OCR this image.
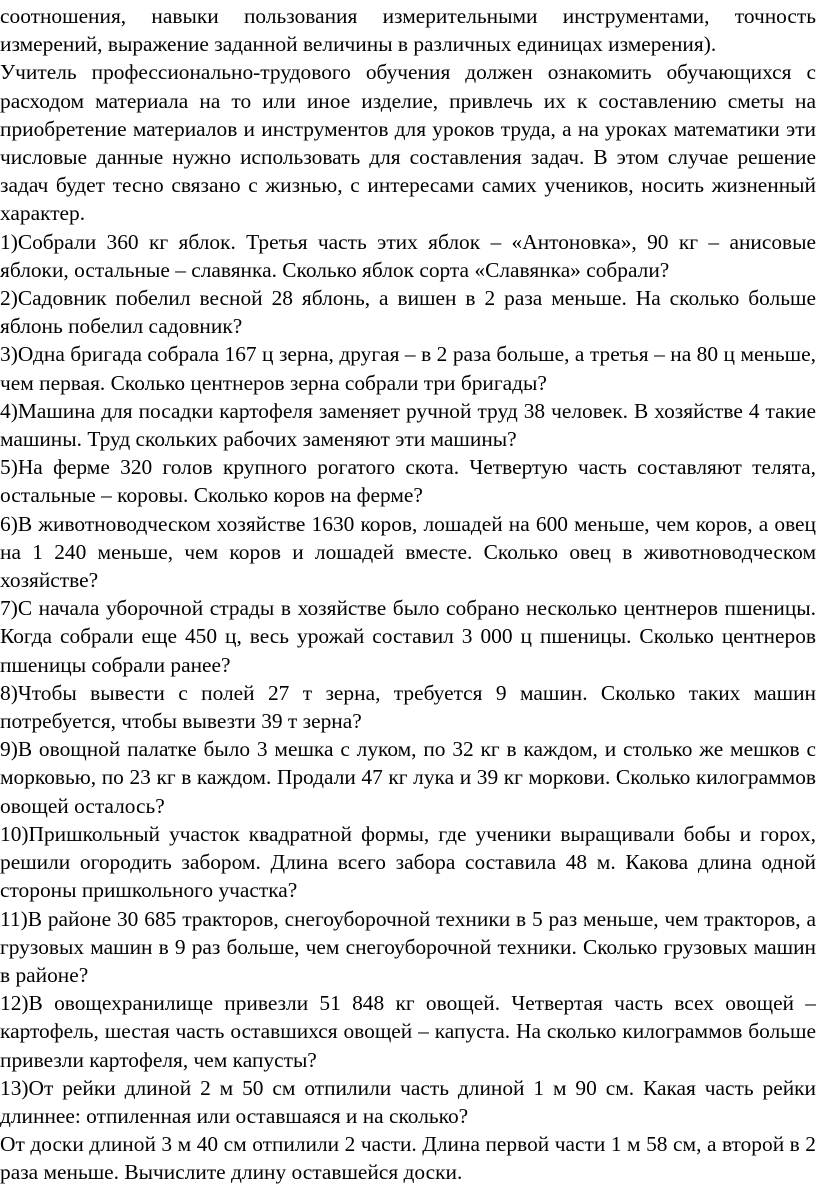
соотношения, навыки пользования измерительными инструментами, точность измерений, выражение заданной величины в различных единицах измерения).

Учитель профессионально-трудового обучения должен ознакомить обучающихся с расходом материала на то или иное изделие, привлечь их к составлению сметы на приобретение материалов и инструментов для уроков труда, а на уроках математики эти числовые данные нужно использовать для составления задач. В этом случае решение задач будет тесно связано с жизнью, с интересами самих учеников, носить жизненный характер.

1)Собрали 360 кг яблок. Третья часть этих яблок – «Антоновка», 90 кг – анисовые яблоки, остальные – славянка. Сколько яблок сорта «Славянка» собрали?

2)Садовник побелил весной 28 яблонь, а вишен в 2 раза меньше. На сколько больше яблонь побелил садовник?

3)Одна бригада собрала 167 ц зерна, другая – в 2 раза больше, а третья – на 80 ц меньше, чем первая. Сколько центнеров зерна собрали три бригады?

4)Машина для посадки картофеля заменяет ручной труд 38 человек. В хозяйстве 4 такие машины. Труд скольких рабочих заменяют эти машины?

5)На ферме 320 голов крупного рогатого скота. Четвертую часть составляют телята, остальные – коровы. Сколько коров на ферме?

6)В животноводческом хозяйстве 1630 коров, лошадей на 600 меньше, чем коров, а овец на 1 240 меньше, чем коров и лошадей вместе. Сколько овец в животноводческом хозяйстве?

7)С начала уборочной страды в хозяйстве было собрано несколько центнеров пшеницы. Когда собрали еще 450 ц, весь урожай составил 3 000 ц пшеницы. Сколько центнеров пшеницы собрали ранее?

8)Чтобы вывести с полей 27 т зерна, требуется 9 машин. Сколько таких машин потребуется, чтобы вывезти 39 т зерна?

9)В овощной палатке было 3 мешка с луком, по 32 кг в каждом, и столько же мешков с морковью, по 23 кг в каждом. Продали 47 кг лука и 39 кг моркови. Сколько килограммов овощей осталось?

10)Пришкольный участок квадратной формы, где ученики выращивали бобы и горох, решили огородить забором. Длина всего забора составила 48 м. Какова длина одной стороны пришкольного участка?

11)В районе 30 685 тракторов, снегоуборочной техники в 5 раз меньше, чем тракторов, а грузовых машин в 9 раз больше, чем снегоуборочной техники. Сколько грузовых машин в районе?

12)В овощехранилище привезли 51 848 кг овощей. Четвертая часть всех овощей – картофель, шестая часть оставшихся овощей – капуста. На сколько килограммов больше привезли картофеля, чем капусты?

13)От рейки длиной 2 м 50 см отпилили часть длиной 1 м 90 см. Какая часть рейки длиннее: отпиленная или оставшаяся и на сколько?

От доски длиной 3 м 40 см отпилили 2 части. Длина первой части 1 м 58 см, а второй в 2 раза меньше. Вычислите длину оставшейся доски.
